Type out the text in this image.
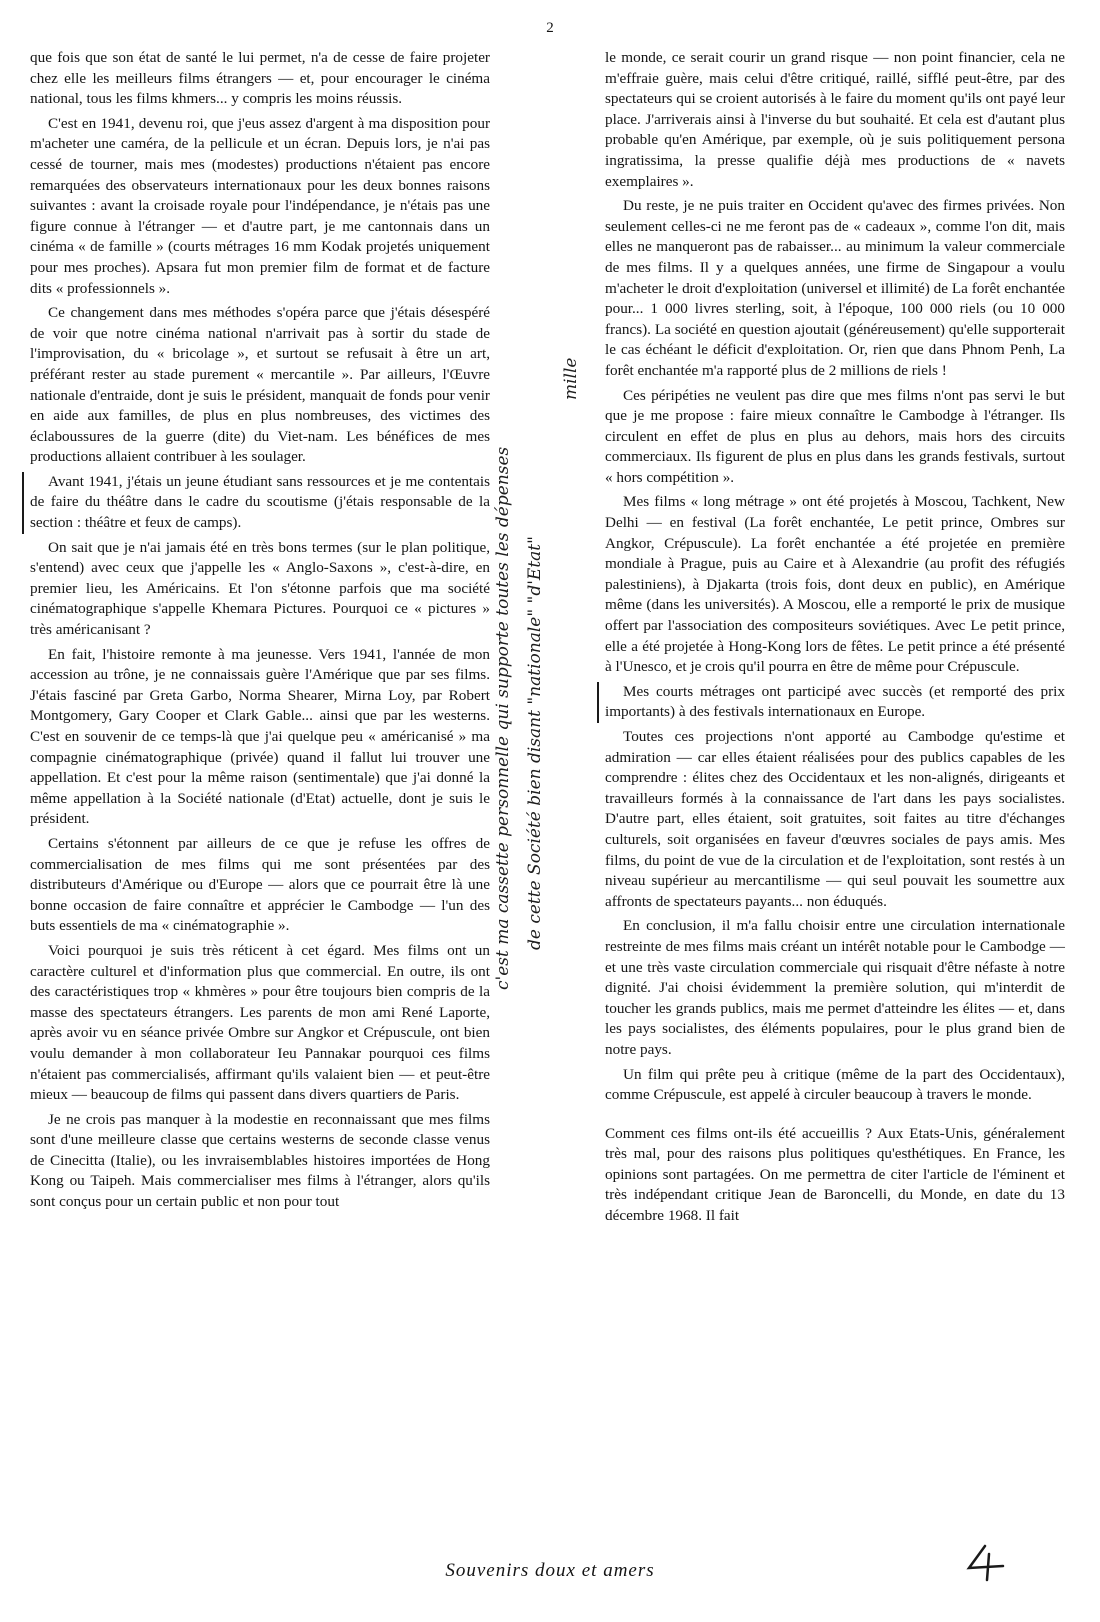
2

que fois que son état de santé le lui permet, n'a de cesse de faire projeter chez elle les meilleurs films étrangers — et, pour encourager le cinéma national, tous les films khmers... y compris les moins réussis.

C'est en 1941, devenu roi, que j'eus assez d'argent à ma disposition pour m'acheter une caméra, de la pellicule et un écran. Depuis lors, je n'ai pas cessé de tourner, mais mes (modestes) productions n'étaient pas encore remarquées des observateurs internationaux pour les deux bonnes raisons suivantes : avant la croisade royale pour l'indépendance, je n'étais pas une figure connue à l'étranger — et d'autre part, je me cantonnais dans un cinéma « de famille » (courts métrages 16 mm Kodak projetés uniquement pour mes proches). Apsara fut mon premier film de format et de facture dits « professionnels ».

Ce changement dans mes méthodes s'opéra parce que j'étais désespéré de voir que notre cinéma national n'arrivait pas à sortir du stade de l'improvisation, du « bricolage », et surtout se refusait à être un art, préférant rester au stade purement « mercantile ». Par ailleurs, l'Œuvre nationale d'entraide, dont je suis le président, manquait de fonds pour venir en aide aux familles, de plus en plus nombreuses, des victimes des éclaboussures de la guerre (dite) du Viet-nam. Les bénéfices de mes productions allaient contribuer à les soulager.

Avant 1941, j'étais un jeune étudiant sans ressources et je me contentais de faire du théâtre dans le cadre du scoutisme (j'étais responsable de la section : théâtre et feux de camps).

On sait que je n'ai jamais été en très bons termes (sur le plan politique, s'entend) avec ceux que j'appelle les « Anglo-Saxons », c'est-à-dire, en premier lieu, les Américains. Et l'on s'étonne parfois que ma société cinématographique s'appelle Khemara Pictures. Pourquoi ce « pictures » très américanisant ?

En fait, l'histoire remonte à ma jeunesse. Vers 1941, l'année de mon accession au trône, je ne connaissais guère l'Amérique que par ses films. J'étais fasciné par Greta Garbo, Norma Shearer, Mirna Loy, par Robert Montgomery, Gary Cooper et Clark Gable... ainsi que par les westerns. C'est en souvenir de ce temps-là que j'ai quelque peu « américanisé » ma compagnie cinématographique (privée) quand il fallut lui trouver une appellation. Et c'est pour la même raison (sentimentale) que j'ai donné la même appellation à la Société nationale (d'Etat) actuelle, dont je suis le président.

Certains s'étonnent par ailleurs de ce que je refuse les offres de commercialisation de mes films qui me sont présentées par des distributeurs d'Amérique ou d'Europe — alors que ce pourrait être là une bonne occasion de faire connaître et apprécier le Cambodge — l'un des buts essentiels de ma « cinématographie ».

Voici pourquoi je suis très réticent à cet égard. Mes films ont un caractère culturel et d'information plus que commercial. En outre, ils ont des caractéristiques trop « khmères » pour être toujours bien compris de la masse des spectateurs étrangers. Les parents de mon ami René Laporte, après avoir vu en séance privée Ombre sur Angkor et Crépuscule, ont bien voulu demander à mon collaborateur Ieu Pannakar pourquoi ces films n'étaient pas commercialisés, affirmant qu'ils valaient bien — et peut-être mieux — beaucoup de films qui passent dans divers quartiers de Paris.

Je ne crois pas manquer à la modestie en reconnaissant que mes films sont d'une meilleure classe que certains westerns de seconde classe venus de Cinecitta (Italie), ou les invraisemblables histoires importées de Hong Kong ou Taipeh. Mais commercialiser mes films à l'étranger, alors qu'ils sont conçus pour un certain public et non pour tout

c'est ma cassette personnelle qui supporte toutes les dépenses de cette Société bien disant "nationale" "d'Etat"
mille

le monde, ce serait courir un grand risque — non point financier, cela ne m'effraie guère, mais celui d'être critiqué, raillé, sifflé peut-être, par des spectateurs qui se croient autorisés à le faire du moment qu'ils ont payé leur place. J'arriverais ainsi à l'inverse du but souhaité. Et cela est d'autant plus probable qu'en Amérique, par exemple, où je suis politiquement persona ingratissima, la presse qualifie déjà mes productions de « navets exemplaires ».

Du reste, je ne puis traiter en Occident qu'avec des firmes privées. Non seulement celles-ci ne me feront pas de « cadeaux », comme l'on dit, mais elles ne manqueront pas de rabaisser... au minimum la valeur commerciale de mes films. Il y a quelques années, une firme de Singapour a voulu m'acheter le droit d'exploitation (universel et illimité) de La forêt enchantée pour... 1 000 livres sterling, soit, à l'époque, 100 000 riels (ou 10 000 francs). La société en question ajoutait (généreusement) qu'elle supporterait le cas échéant le déficit d'exploitation. Or, rien que dans Phnom Penh, La forêt enchantée m'a rapporté plus de 2 millions de riels !

Ces péripéties ne veulent pas dire que mes films n'ont pas servi le but que je me propose : faire mieux connaître le Cambodge à l'étranger. Ils circulent en effet de plus en plus au dehors, mais hors des circuits commerciaux. Ils figurent de plus en plus dans les grands festivals, surtout « hors compétition ».

Mes films « long métrage » ont été projetés à Moscou, Tachkent, New Delhi — en festival (La forêt enchantée, Le petit prince, Ombres sur Angkor, Crépuscule). La forêt enchantée a été projetée en première mondiale à Prague, puis au Caire et à Alexandrie (au profit des réfugiés palestiniens), à Djakarta (trois fois, dont deux en public), en Amérique même (dans les universités). A Moscou, elle a remporté le prix de musique offert par l'association des compositeurs soviétiques. Avec Le petit prince, elle a été projetée à Hong-Kong lors de fêtes. Le petit prince a été présenté à l'Unesco, et je crois qu'il pourra en être de même pour Crépuscule.

Mes courts métrages ont participé avec succès (et remporté des prix importants) à des festivals internationaux en Europe.

Toutes ces projections n'ont apporté au Cambodge qu'estime et admiration — car elles étaient réalisées pour des publics capables de les comprendre : élites chez des Occidentaux et les non-alignés, dirigeants et travailleurs formés à la connaissance de l'art dans les pays socialistes. D'autre part, elles étaient, soit gratuites, soit faites au titre d'échanges culturels, soit organisées en faveur d'œuvres sociales de pays amis. Mes films, du point de vue de la circulation et de l'exploitation, sont restés à un niveau supérieur au mercantilisme — qui seul pouvait les soumettre aux affronts de spectateurs payants... non éduqués.

En conclusion, il m'a fallu choisir entre une circulation internationale restreinte de mes films mais créant un intérêt notable pour le Cambodge — et une très vaste circulation commerciale qui risquait d'être néfaste à notre dignité. J'ai choisi évidemment la première solution, qui m'interdit de toucher les grands publics, mais me permet d'atteindre les élites — et, dans les pays socialistes, des éléments populaires, pour le plus grand bien de notre pays.

Un film qui prête peu à critique (même de la part des Occidentaux), comme Crépuscule, est appelé à circuler beaucoup à travers le monde.

Comment ces films ont-ils été accueillis ? Aux Etats-Unis, généralement très mal, pour des raisons plus politiques qu'esthétiques. En France, les opinions sont partagées. On me permettra de citer l'article de l'éminent et très indépendant critique Jean de Baroncelli, du Monde, en date du 13 décembre 1968. Il fait

Souvenirs doux et amers
